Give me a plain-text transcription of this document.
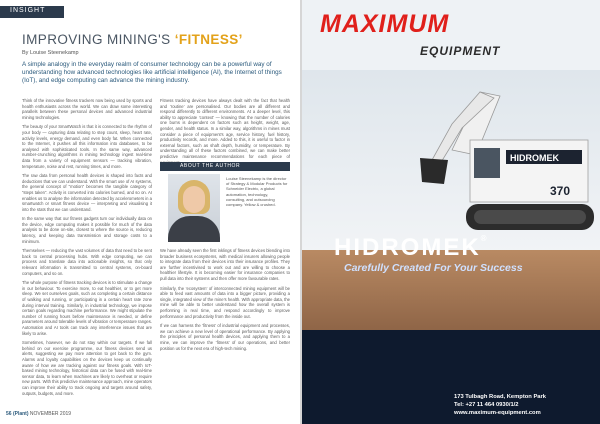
INSIGHT
IMPROVING MINING'S ‘FITNESS’
By Louise Steenekamp
A simple analogy in the everyday realm of consumer technology can be a powerful way of understanding how advanced technologies like artificial intelligence (AI), the Internet of things (IoT), and edge computing can advance the mining industry.

Think of the innovative fitness trackers now being used by sports and health enthusiasts across the world. We can draw some interesting parallels between these personal devices and advanced industrial mining technologies.

The beauty of your SmartWatch is that it is connected to the rhythm of your body — capturing data relating to step count, sleep, heart rate, activity levels, energy demand, and even body fat. When connected to the Internet, it pushes all this information into databases, to be analysed with sophisticated tools. In the same way, advanced number-crunching algorithms in mining technology ingest real-time data from a variety of equipment sensors — tracking vibration, temperature, noise and rest, running times, and more.

The raw data from personal health devices is shaped into facts and deductions that we can understand. With the smart use of AI systems, the general concept of “motion” becomes the tangible category of “steps taken”. Activity is converted into calories burned, and so on. AI enables us to analyse the information detected by accelerometers in a smartwatch or smart fitness device — interpreting and visualising it into the stats that we can understand.

In the same way that our fitness gadgets turn our individually data on the device, edge computing makes it possible for much of the data analysis to be done on-site, closest to where the source is, reducing latency, and keeping data transmission and storage costs to a minimum.

Themselves — reducing the vast volumes of data that need to be sent back to central processing hubs. With edge computing, we can process and translate data into actionable insights, so that only relevant information is transmitted to central systems, on-board computers, and so on.

The whole purpose of fitness tracking devices is to stimulate a change in our behaviour. To exercise more, to eat healthier, or to get more sleep. We set ourselves goals, such as completing a certain distance of walking and running, or participating in a certain heart rate zone during interval training. Similarly, in industrial technology, we impose certain goals regarding machine performance. We might stipulate the number of running hours before maintenance is needed, or define parameters around tolerable levels of vibration or temperature ranges. Automation and AI tools can track any interference issues that are likely to arise.

Sometimes, however, we do not stay within our targets. If we fall behind on our exercise programme, our fitness devices send us alerts, suggesting we pay more attention to get back to the gym. Alarms and loyalty capabilities on the devices keep us continually aware of how we are tracking against our fitness goals. With IoT-based mining technology, historical data can be fused with real-time sensor data, to learn when machines are likely to overheat or require new parts. With this predictive maintenance approach, mine operators can improve their ability to track ongoing and targets around safety, outputs, budgets, and more.

Fitness tracking devices have always dealt with the fact that health and ‘routine’ are personalised. Our bodies are all different and respond differently to different environments. At a deeper level, this ability to appreciate ‘context’ — knowing that the number of calories one burns is dependent on factors such as height, weight, age, gender, and health status. In a similar way, algorithms in mines must consider a piece of equipment’s age, service history, fuel history, productivity records, and more. Added to this, it is useful to factor in external factors, such as shaft depth, humidity, or temperature. By understanding all of these factors combined, we can make better predictive maintenance recommendations for each piece of

ABOUT THE AUTHOR
Louise Steenekamp is the director of Strategy & Modular Products for Schneider Electric, a global automation, technology, consulting, and outsourcing company. Yellow & crushed.

We have already seen the first inklings of fitness devices blending into broader business ecosystems, with medical insurers allowing people to integrate data from their devices into their insurance profiles. They are further incentivised to work out and are willing to choose a healthier lifestyle. It is becoming easier for insurance companies to pull data into their systems and then offer more favourable rates.

Similarly, the ‘ecosystem’ of interconnected mining equipment will be able to feed vast amounts of data into a bigger picture, providing a single, integrated view of the mine’s health. With appropriate data, the mine will be able to better understand how the overall system is performing in real time, and respond accordingly to improve performance and productivity from the inside out.

If we can harness the ‘fitness’ of industrial equipment and processes, we can achieve a new level of operational performance. By applying the principles of personal health devices, and applying them to a mine, we can improve the ‘fitness’ of our operations, and better position us for the next era of high-tech mining.

56 (Plant) NOVEMBER 2019
HIDROMEK
370
MAXIMUM
EQUIPMENT
HIDROMEK®
Carefully Created For Your Success
173 Tulbagh Road, Kempton Park
Tel: +27 11 464 0930/1/2
www.maximum-equipment.com
